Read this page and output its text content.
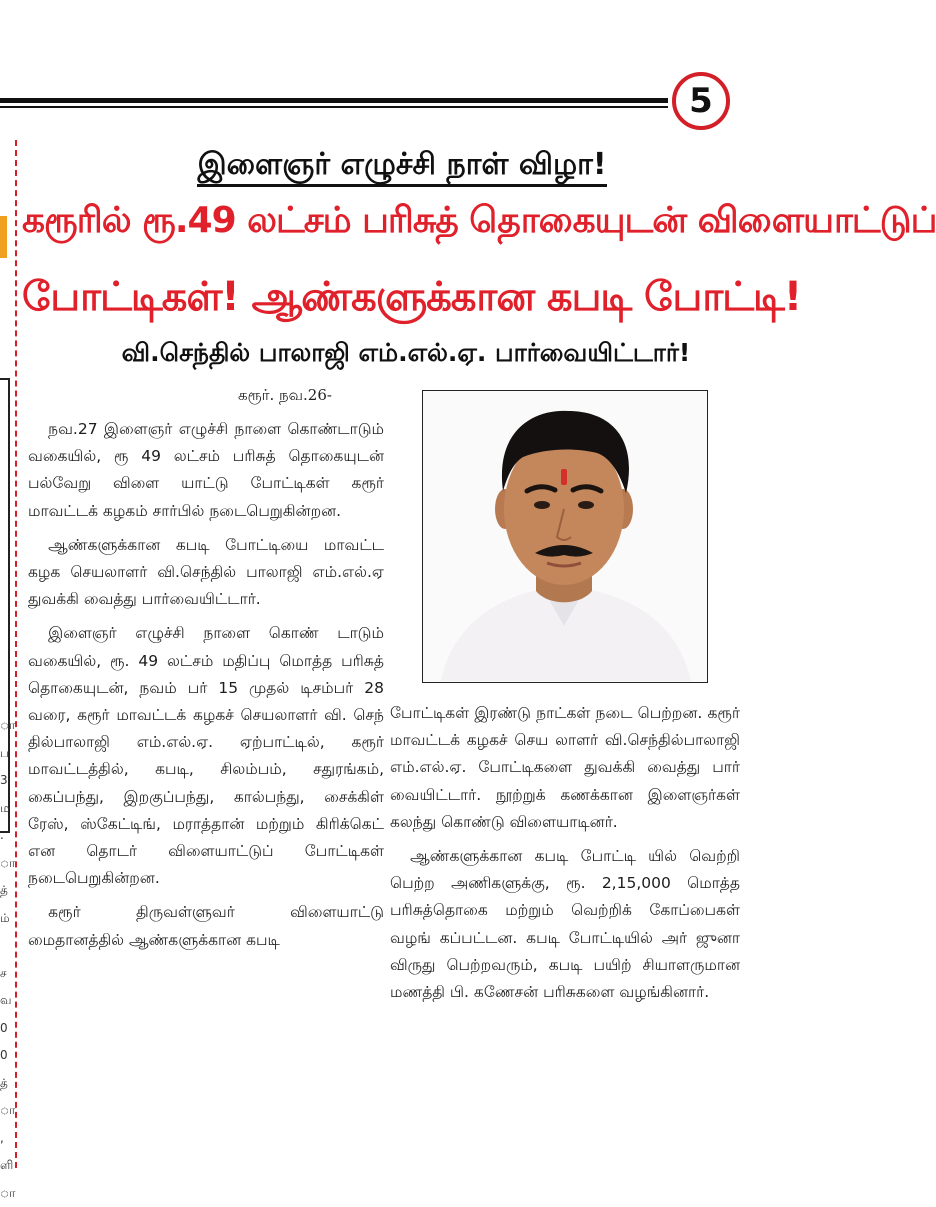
5
ா
ப
3
ம
.
ா
த்
ம்

ச
வ
0
0
த்
ா
,
ளி
ா
இளைஞர் எழுச்சி நாள் விழா!
கரூரில் ரூ.49 லட்சம் பரிசுத் தொகையுடன் விளையாட்டுப்
போட்டிகள்! ஆண்களுக்கான கபடி போட்டி!
வி.செந்தில் பாலாஜி எம்.எல்.ஏ. பார்வையிட்டார்!
கரூர். நவ.26-

நவ.27 இளைஞர் எழுச்சி நாளை கொண்டாடும் வகையில், ரூ 49 லட்சம் பரிசுத் தொகையுடன் பல்வேறு விளை யாட்டு போட்டிகள் கரூர் மாவட்டக் கழகம் சார்பில் நடைபெறுகின்றன.

ஆண்களுக்கான கபடி போட்டியை மாவட்ட கழக செயலாளர் வி.செந்தில் பாலாஜி எம்.எல்.ஏ துவக்கி வைத்து பார்வையிட்டார்.

இளைஞர் எழுச்சி நாளை கொண் டாடும் வகையில், ரூ. 49 லட்சம் மதிப்பு மொத்த பரிசுத் தொகையுடன், நவம் பர் 15 முதல் டிசம்பர் 28 வரை, கரூர் மாவட்டக் கழகச் செயலாளர் வி. செந் தில்பாலாஜி எம்.எல்.ஏ. ஏற்பாட்டில், கரூர் மாவட்டத்தில், கபடி, சிலம்பம், சதுரங்கம், கைப்பந்து, இறகுப்பந்து, கால்பந்து, சைக்கிள் ரேஸ், ஸ்கேட்டிங், மராத்தான் மற்றும் கிரிக்கெட் என தொடர் விளையாட்டுப் போட்டிகள் நடைபெறுகின்றன.

கரூர் திருவள்ளுவர் விளையாட்டு மைதானத்தில் ஆண்களுக்கான கபடி

போட்டிகள் இரண்டு நாட்கள் நடை பெற்றன. கரூர் மாவட்டக் கழகச் செய லாளர் வி.செந்தில்பாலாஜி எம்.எல்.ஏ. போட்டிகளை துவக்கி வைத்து பார் வையிட்டார். நூற்றுக் கணக்கான இளைஞர்கள் கலந்து கொண்டு விளையாடினர்.

ஆண்களுக்கான கபடி போட்டி யில் வெற்றி பெற்ற அணிகளுக்கு, ரூ. 2,15,000 மொத்த பரிசுத்தொகை மற்றும் வெற்றிக் கோப்பைகள் வழங் கப்பட்டன. கபடி போட்டியில் அர் ஜுனா விருது பெற்றவரும், கபடி பயிற் சியாளருமான மணத்தி பி. கணேசன் பரிசுகளை வழங்கினார்.
